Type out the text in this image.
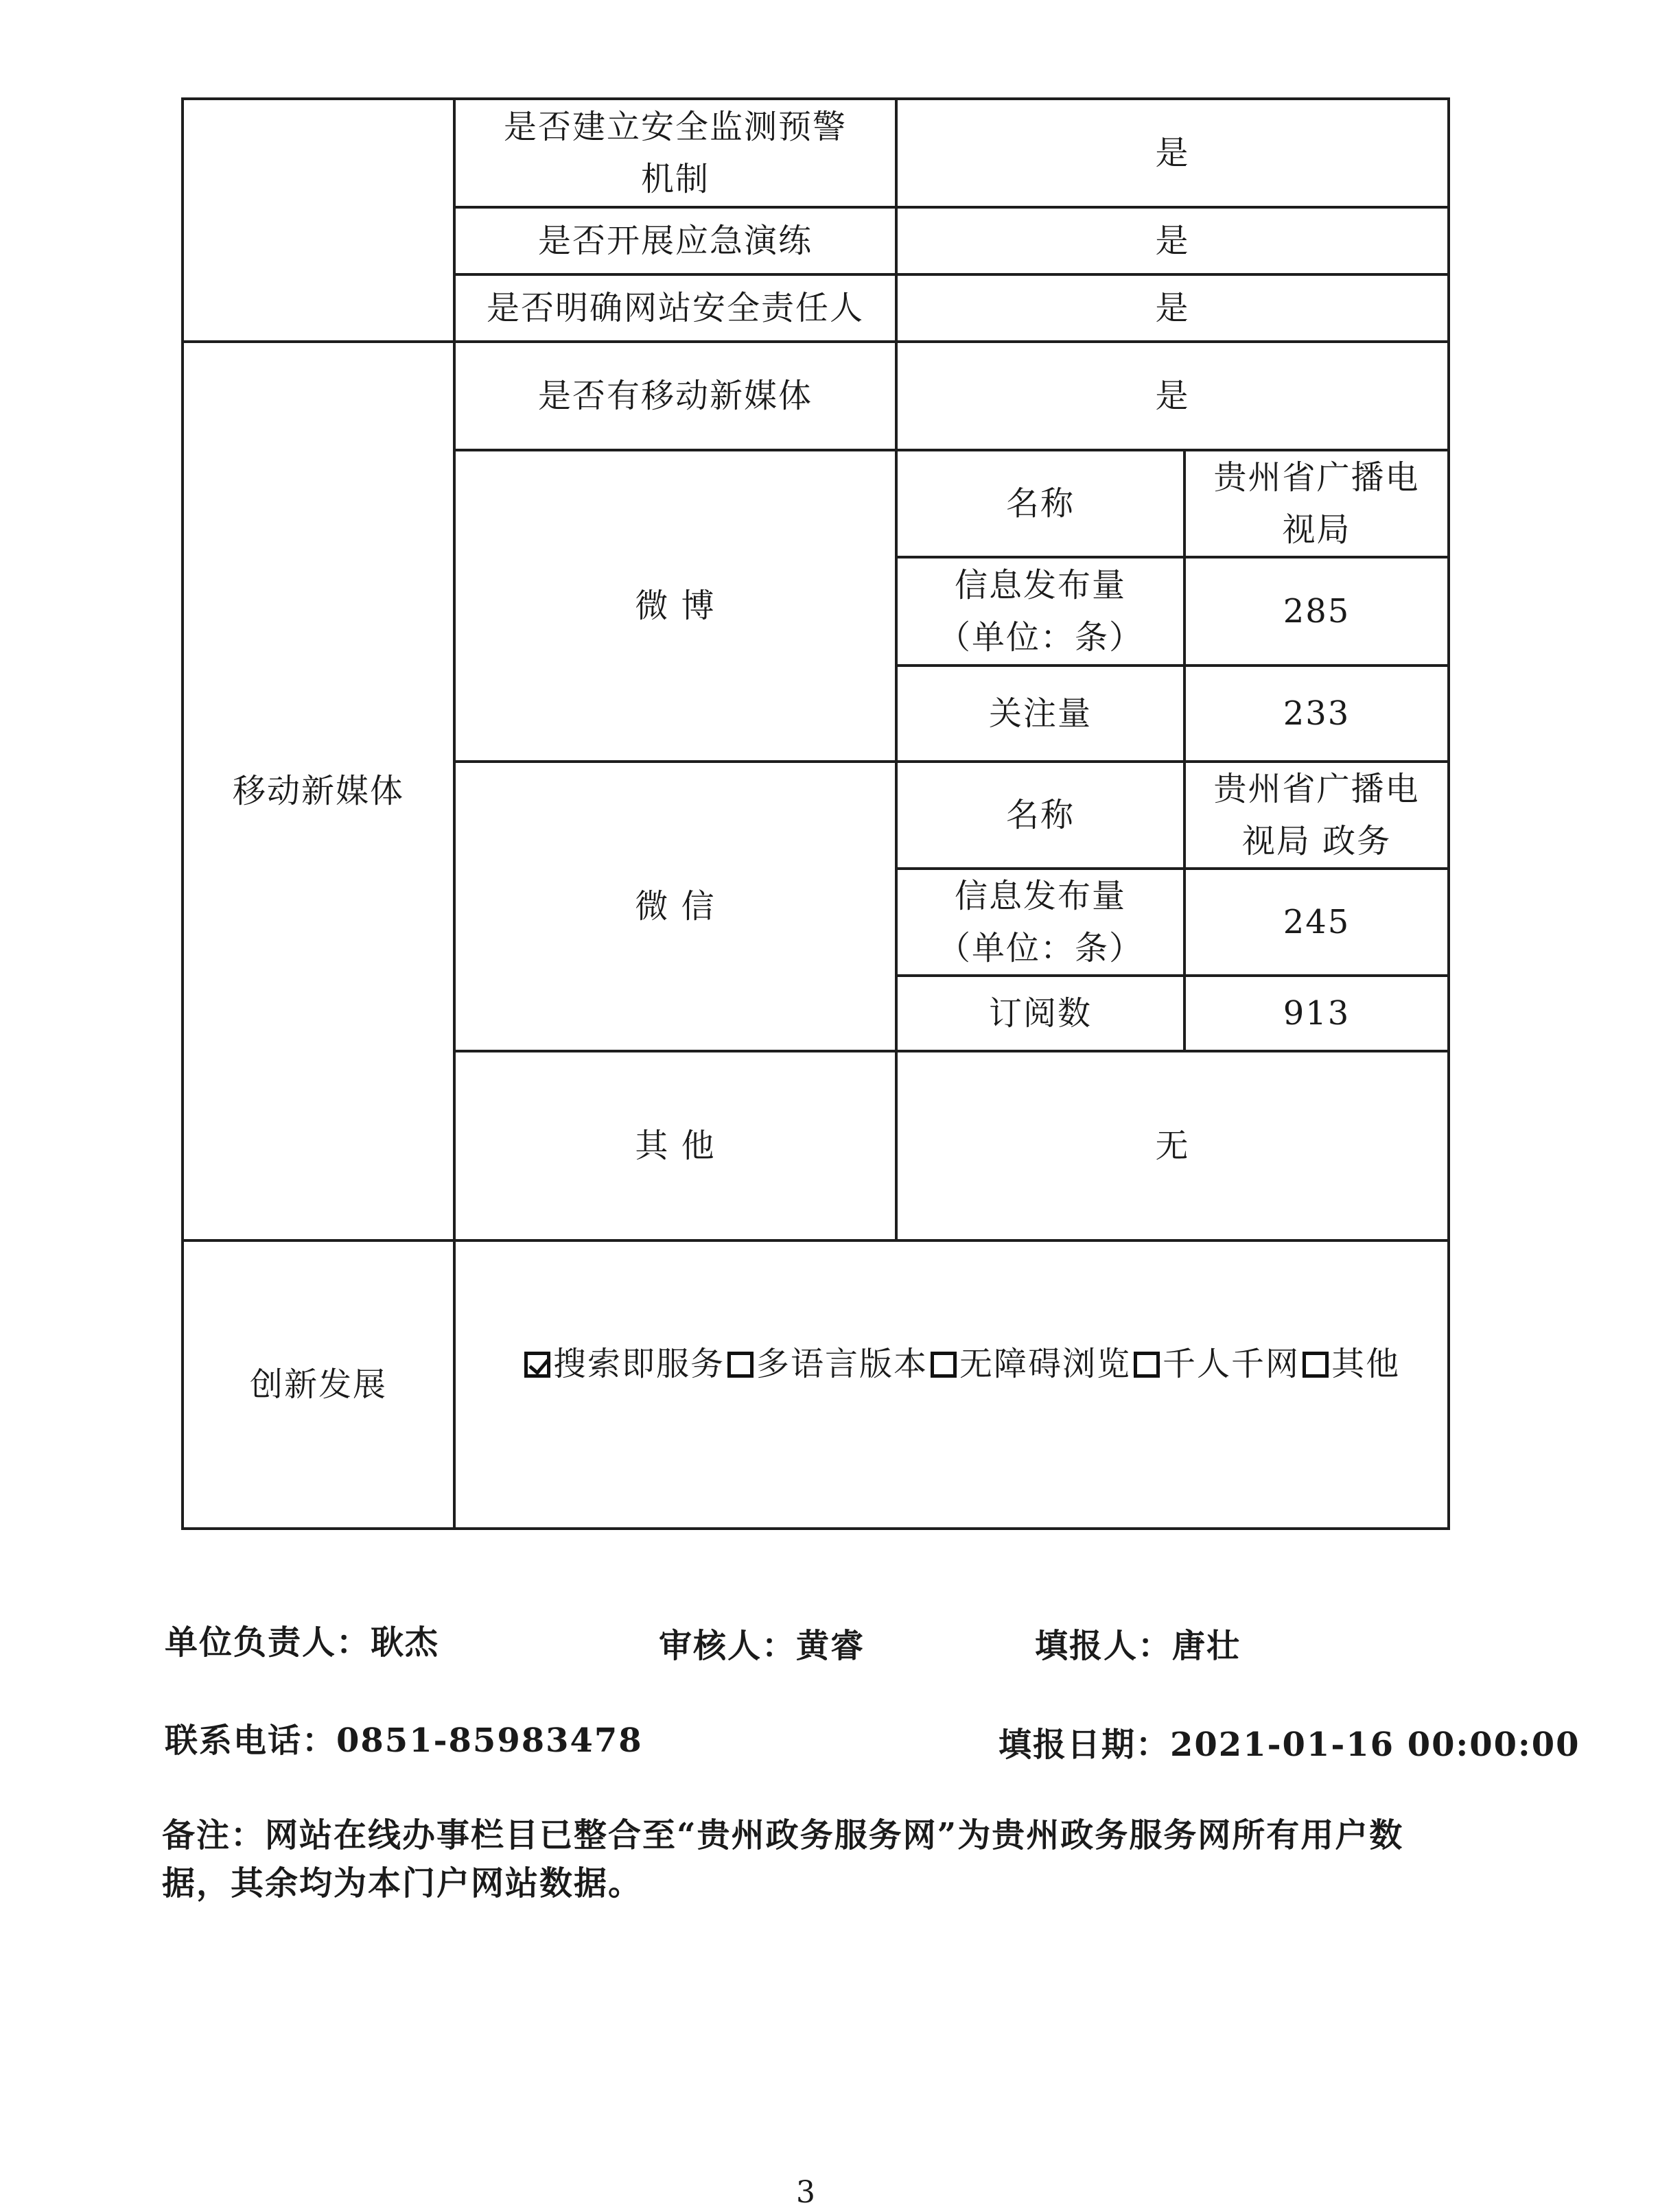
	是否建立安全监测预警机制	是	
	是否开展应急演练	是	
	是否明确网站安全责任人	是	
移动新媒体	是否有移动新媒体	是	
	微 博	名称	贵州省广播电视局
		信息发布量（单位：条）	285
		关注量	233
	微 信	名称	贵州省广播电视局 政务
		信息发布量（单位：条）	245
		订阅数	913
	其 他	无	
创新发展	搜索即服务 多语言版本 无障碍浏览 千人千网 其他		
单位负责人：耿杰	审核人：黄睿	填报人：唐壮
联系电话：0851-85983478	填报日期：2021-01-16 00:00:00
备注：网站在线办事栏目已整合至“贵州政务服务网”为贵州政务服务网所有用户数据，其余均为本门户网站数据。
3
